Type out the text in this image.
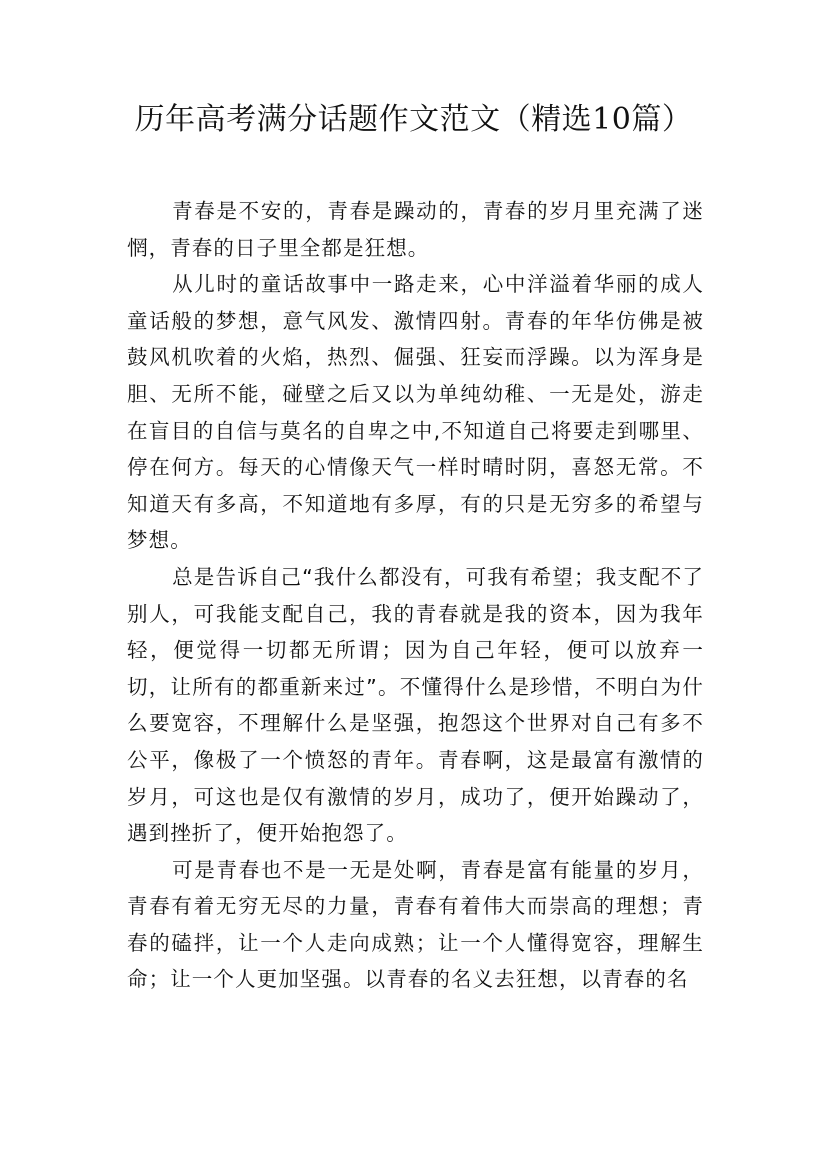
历年高考满分话题作文范文（精选10篇）

青春是不安的，青春是躁动的，青春的岁月里充满了迷惘，青春的日子里全都是狂想。

从儿时的童话故事中一路走来，心中洋溢着华丽的成人童话般的梦想，意气风发、激情四射。青春的年华仿佛是被鼓风机吹着的火焰，热烈、倔强、狂妄而浮躁。以为浑身是胆、无所不能，碰壁之后又以为单纯幼稚、一无是处，游走在盲目的自信与莫名的自卑之中,不知道自己将要走到哪里、停在何方。每天的心情像天气一样时晴时阴，喜怒无常。不知道天有多高，不知道地有多厚，有的只是无穷多的希望与梦想。

总是告诉自己“我什么都没有，可我有希望；我支配不了别人，可我能支配自己，我的青春就是我的资本，因为我年轻，便觉得一切都无所谓；因为自己年轻，便可以放弃一切，让所有的都重新来过”。不懂得什么是珍惜，不明白为什么要宽容，不理解什么是坚强，抱怨这个世界对自己有多不公平，像极了一个愤怒的青年。青春啊，这是最富有激情的岁月，可这也是仅有激情的岁月，成功了，便开始躁动了，遇到挫折了，便开始抱怨了。

可是青春也不是一无是处啊，青春是富有能量的岁月，青春有着无穷无尽的力量，青春有着伟大而崇高的理想；青春的磕拌，让一个人走向成熟；让一个人懂得宽容，理解生命；让一个人更加坚强。以青春的名义去狂想，以青春的名
